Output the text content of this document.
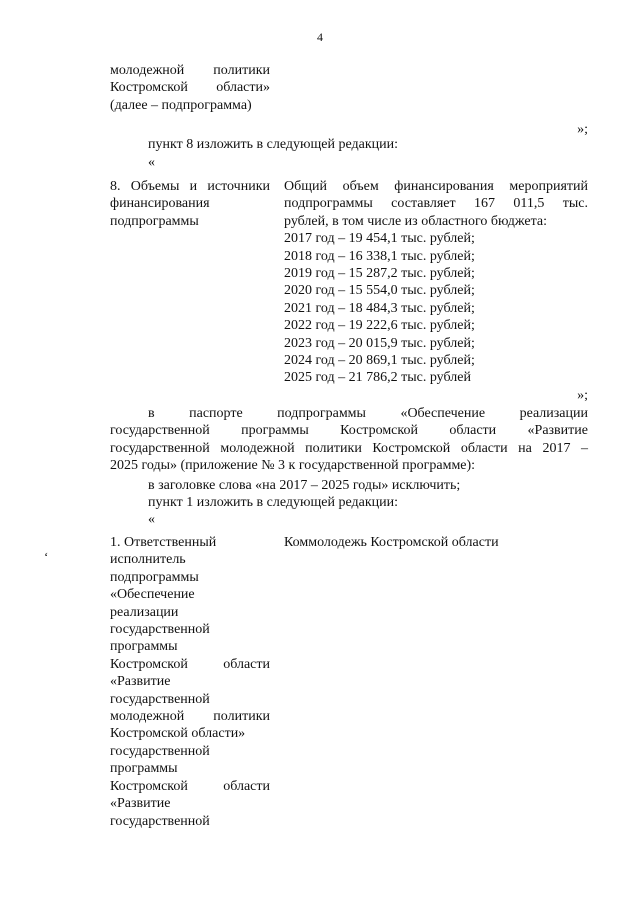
4
молодежной политики
Костромской области»
(далее – подпрограмма)
»;
пункт 8 изложить в следующей редакции:
«
8. Объемы и источники
финансирования
подпрограммы
Общий объем финансирования мероприятий
подпрограммы составляет 167 011,5 тыс.
рублей, в том числе из областного бюджета:
2017 год – 19 454,1 тыс. рублей;
2018 год – 16 338,1 тыс. рублей;
2019 год – 15 287,2 тыс. рублей;
2020 год – 15 554,0 тыс. рублей;
2021 год – 18 484,3 тыс. рублей;
2022 год – 19 222,6 тыс. рублей;
2023 год – 20 015,9 тыс. рублей;
2024 год – 20 869,1 тыс. рублей;
2025 год – 21 786,2 тыс. рублей
»;
в паспорте подпрограммы «Обеспечение реализации
государственной программы Костромской области «Развитие
государственной молодежной политики Костромской области на 2017 –
2025 годы» (приложение № 3 к государственной программе):
в заголовке слова «на 2017 – 2025 годы» исключить;
пункт 1 изложить в следующей редакции:
«
‘
1. Ответственный
исполнитель
подпрограммы
«Обеспечение
реализации
государственной
программы
Костромской области
«Развитие
государственной
молодежной политики
Костромской области»
государственной
программы
Костромской области
«Развитие
государственной
Коммолодежь Костромской области
